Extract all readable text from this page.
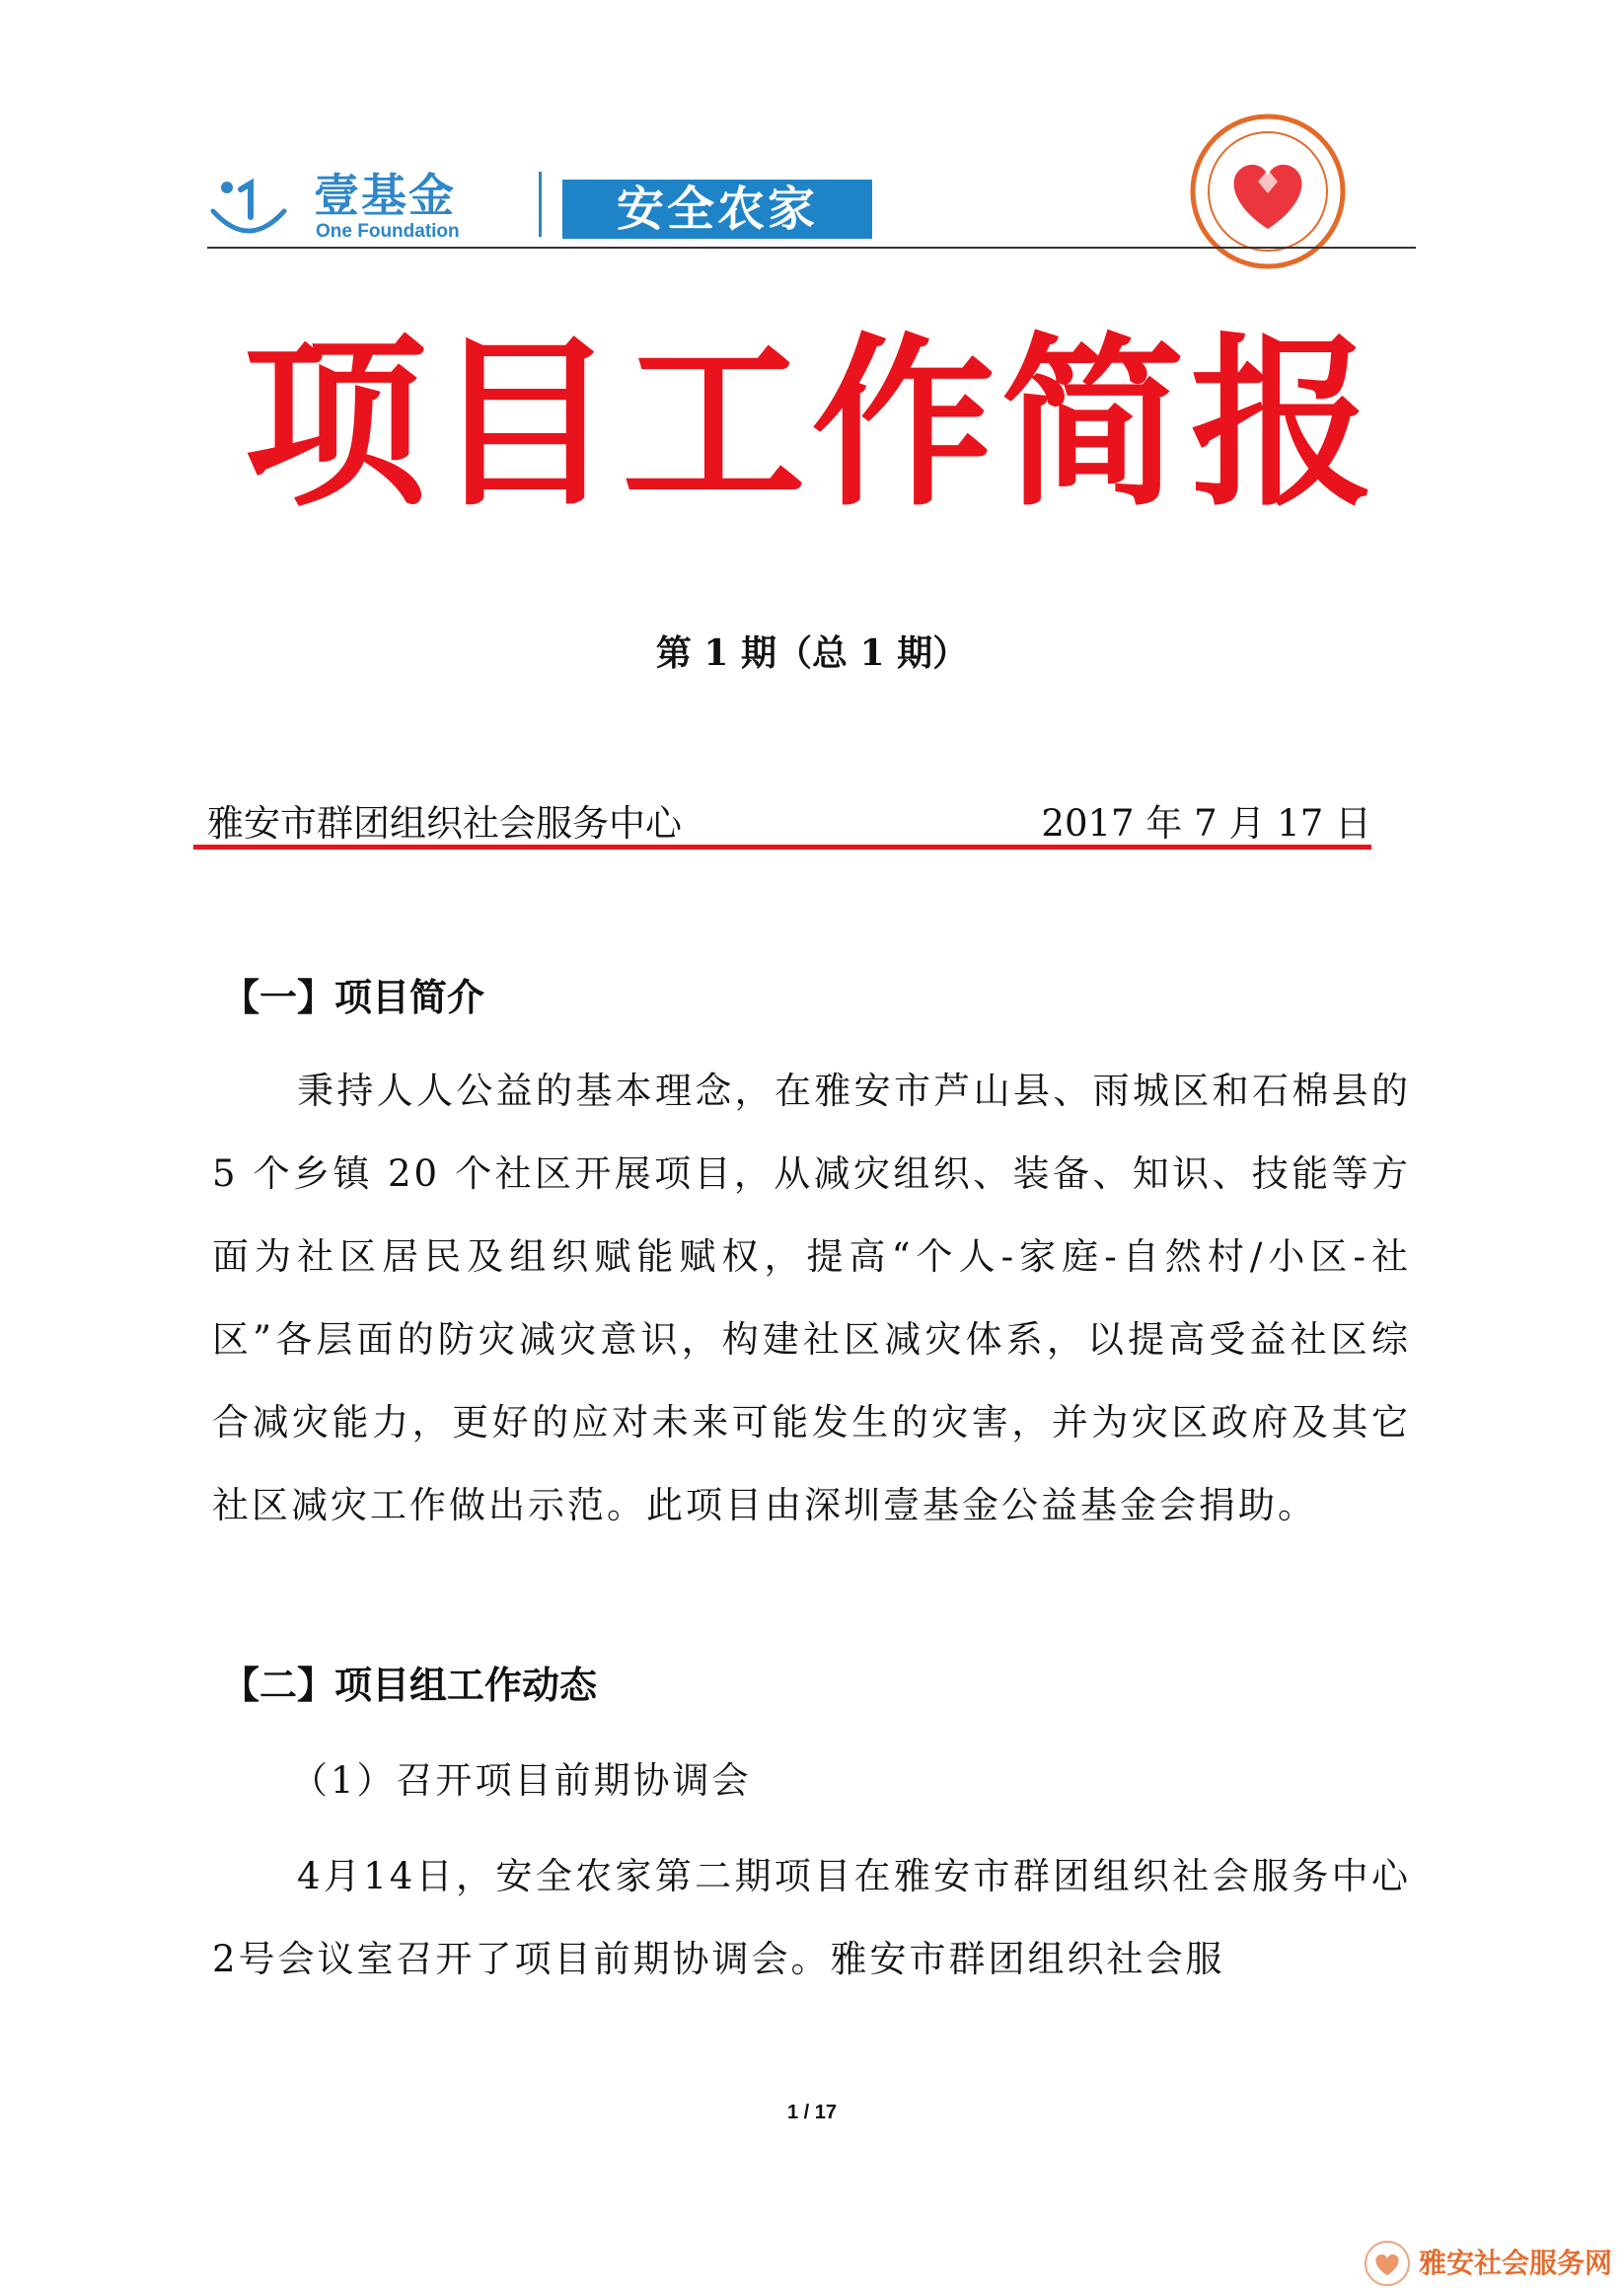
壹基金
One Foundation	安全农家
项目工作简报
第 1 期（总 1 期）
雅安市群团组织社会服务中心	2017 年 7 月 17 日
【一】项目简介
秉持人人公益的基本理念，在雅安市芦山县、雨城区和石棉县的 5 个乡镇 20 个社区开展项目，从减灾组织、装备、知识、技能等方面为社区居民及组织赋能赋权，提高“个人-家庭-自然村/小区-社区”各层面的防灾减灾意识，构建社区减灾体系，以提高受益社区综合减灾能力，更好的应对未来可能发生的灾害，并为灾区政府及其它社区减灾工作做出示范。此项目由深圳壹基金公益基金会捐助。
【二】项目组工作动态
（1）召开项目前期协调会
4月14日，安全农家第二期项目在雅安市群团组织社会服务中心2号会议室召开了项目前期协调会。雅安市群团组织社会服
1 / 17
雅安社会服务网
